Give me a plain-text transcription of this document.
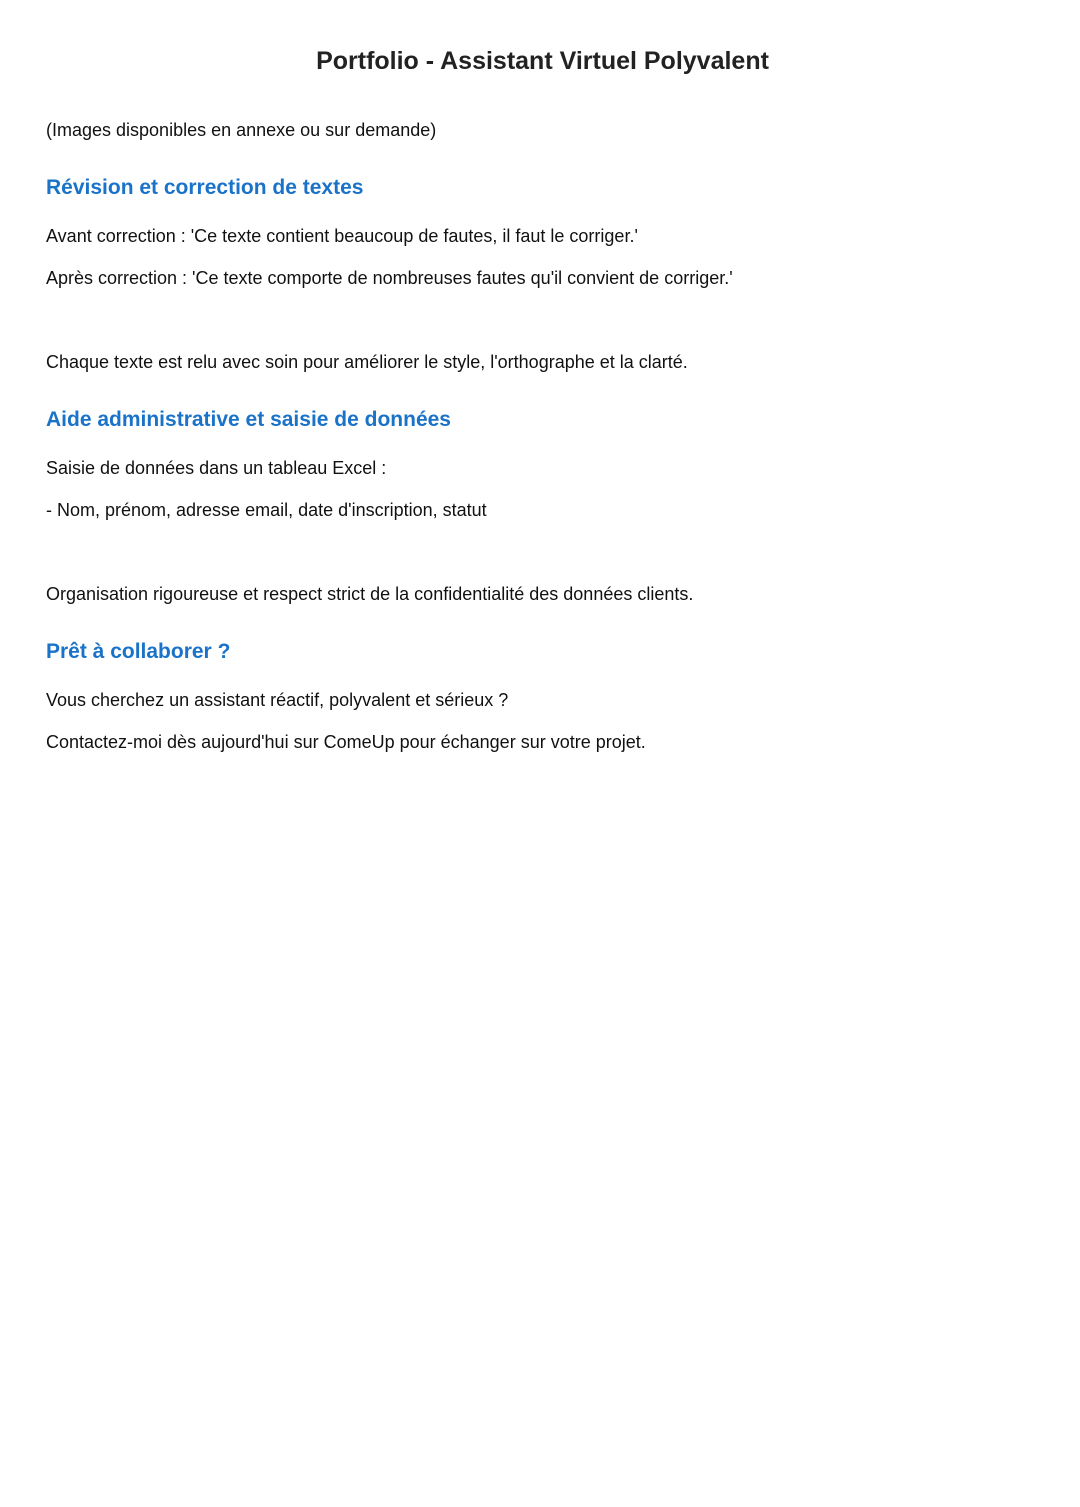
Portfolio - Assistant Virtuel Polyvalent

(Images disponibles en annexe ou sur demande)

Révision et correction de textes

Avant correction : 'Ce texte contient beaucoup de fautes, il faut le corriger.'

Après correction : 'Ce texte comporte de nombreuses fautes qu'il convient de corriger.'

Chaque texte est relu avec soin pour améliorer le style, l'orthographe et la clarté.

Aide administrative et saisie de données

Saisie de données dans un tableau Excel :

- Nom, prénom, adresse email, date d'inscription, statut

Organisation rigoureuse et respect strict de la confidentialité des données clients.

Prêt à collaborer ?

Vous cherchez un assistant réactif, polyvalent et sérieux ?

Contactez-moi dès aujourd'hui sur ComeUp pour échanger sur votre projet.
